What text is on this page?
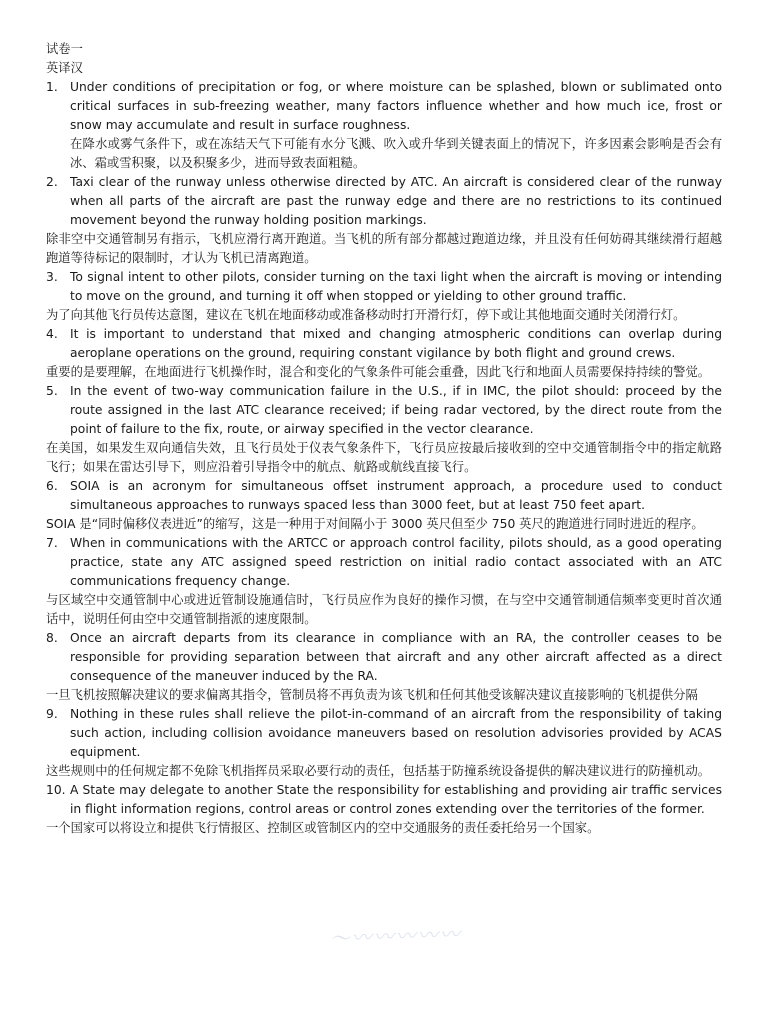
试卷一
英译汉
1. Under conditions of precipitation or fog, or where moisture can be splashed, blown or sublimated onto critical surfaces in sub-freezing weather, many factors influence whether and how much ice, frost or snow may accumulate and result in surface roughness.
在降水或雾气条件下，或在冻结天气下可能有水分飞溅、吹入或升华到关键表面上的情况下，许多因素会影响是否会有冰、霜或雪积聚，以及积聚多少，进而导致表面粗糙。
2. Taxi clear of the runway unless otherwise directed by ATC. An aircraft is considered clear of the runway when all parts of the aircraft are past the runway edge and there are no restrictions to its continued movement beyond the runway holding position markings.
除非空中交通管制另有指示，飞机应滑行离开跑道。当飞机的所有部分都越过跑道边缘，并且没有任何妨碍其继续滑行超越跑道等待标记的限制时，才认为飞机已清离跑道。
3. To signal intent to other pilots, consider turning on the taxi light when the aircraft is moving or intending to move on the ground, and turning it off when stopped or yielding to other ground traffic.
为了向其他飞行员传达意图，建议在飞机在地面移动或准备移动时打开滑行灯，停下或让其他地面交通时关闭滑行灯。
4. It is important to understand that mixed and changing atmospheric conditions can overlap during aeroplane operations on the ground, requiring constant vigilance by both flight and ground crews.
重要的是要理解，在地面进行飞机操作时，混合和变化的气象条件可能会重叠，因此飞行和地面人员需要保持持续的警觉。
5. In the event of two-way communication failure in the U.S., if in IMC, the pilot should: proceed by the route assigned in the last ATC clearance received; if being radar vectored, by the direct route from the point of failure to the fix, route, or airway specified in the vector clearance.
在美国，如果发生双向通信失效，且飞行员处于仪表气象条件下，飞行员应按最后接收到的空中交通管制指令中的指定航路飞行；如果在雷达引导下，则应沿着引导指令中的航点、航路或航线直接飞行。
6. SOIA is an acronym for simultaneous offset instrument approach, a procedure used to conduct simultaneous approaches to runways spaced less than 3000 feet, but at least 750 feet apart.
SOIA 是“同时偏移仪表进近”的缩写，这是一种用于对间隔小于 3000 英尺但至少 750 英尺的跑道进行同时进近的程序。
7. When in communications with the ARTCC or approach control facility, pilots should, as a good operating practice, state any ATC assigned speed restriction on initial radio contact associated with an ATC communications frequency change.
与区域空中交通管制中心或进近管制设施通信时，飞行员应作为良好的操作习惯，在与空中交通管制通信频率变更时首次通话中，说明任何由空中交通管制指派的速度限制。
8. Once an aircraft departs from its clearance in compliance with an RA, the controller ceases to be responsible for providing separation between that aircraft and any other aircraft affected as a direct consequence of the maneuver induced by the RA.
一旦飞机按照解决建议的要求偏离其指令，管制员将不再负责为该飞机和任何其他受该解决建议直接影响的飞机提供分隔
9. Nothing in these rules shall relieve the pilot-in-command of an aircraft from the responsibility of taking such action, including collision avoidance maneuvers based on resolution advisories provided by ACAS equipment.
这些规则中的任何规定都不免除飞机指挥员采取必要行动的责任，包括基于防撞系统设备提供的解决建议进行的防撞机动。
10. A State may delegate to another State the responsibility for establishing and providing air traffic services in flight information regions, control areas or control zones extending over the territories of the former.
一个国家可以将设立和提供飞行情报区、控制区或管制区内的空中交通服务的责任委托给另一个国家。
〜〰〰〰〰〰
